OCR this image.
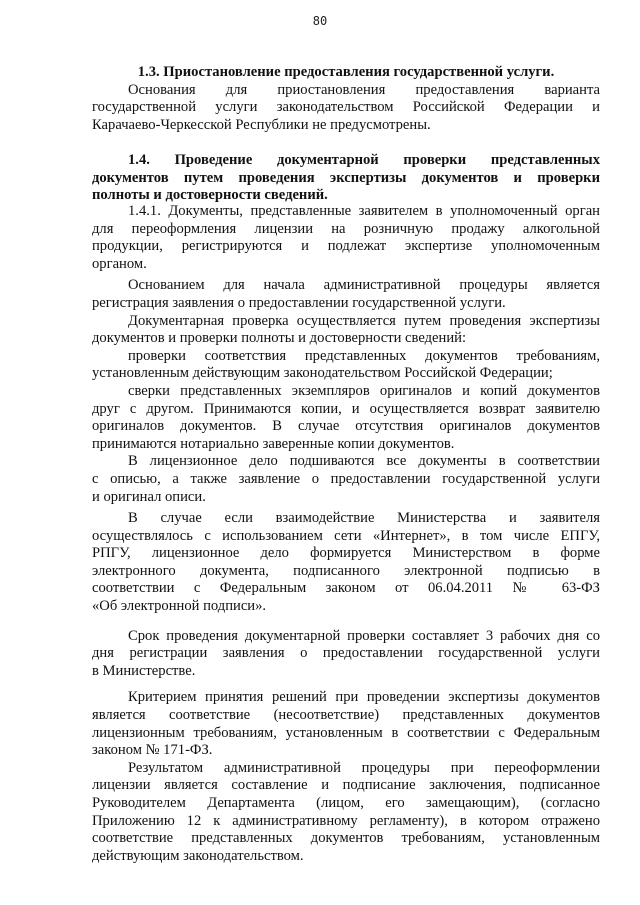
80
1.3. Приостановление предоставления государственной услуги.
Основания для приостановления предоставления варианта
государственной услуги законодательством Российской Федерации и
Карачаево-Черкесской Республики не предусмотрены.
1.4. Проведение документарной проверки представленных
документов путем проведения экспертизы документов и проверки
полноты и достоверности сведений.
1.4.1. Документы, представленные заявителем в уполномоченный орган
для переоформления лицензии на розничную продажу алкогольной
продукции, регистрируются и подлежат экспертизе уполномоченным
органом.
Основанием для начала административной процедуры является
регистрация заявления о предоставлении государственной услуги.
Документарная проверка осуществляется путем проведения экспертизы
документов и проверки полноты и достоверности сведений:
проверки соответствия представленных документов требованиям,
установленным действующим законодательством Российской Федерации;
сверки представленных экземпляров оригиналов и копий документов
друг с другом. Принимаются копии, и осуществляется возврат заявителю
оригиналов документов. В случае отсутствия оригиналов документов
принимаются нотариально заверенные копии документов.
В лицензионное дело подшиваются все документы в соответствии
с описью, а также заявление о предоставлении государственной услуги
и оригинал описи.
В случае если взаимодействие Министерства и заявителя
осуществлялось с использованием сети «Интернет», в том числе ЕПГУ,
РПГУ, лицензионное дело формируется Министерством в форме
электронного документа, подписанного электронной подписью в
соответствии с Федеральным законом от 06.04.2011 № 63-ФЗ
«Об электронной подписи».
Срок проведения документарной проверки составляет 3 рабочих дня со
дня регистрации заявления о предоставлении государственной услуги
в Министерстве.
Критерием принятия решений при проведении экспертизы документов
является соответствие (несоответствие) представленных документов
лицензионным требованиям, установленным в соответствии с Федеральным
законом № 171-ФЗ.
Результатом административной процедуры при переоформлении
лицензии является составление и подписание заключения, подписанное
Руководителем Департамента (лицом, его замещающим), (согласно
Приложению 12 к административному регламенту), в котором отражено
соответствие представленных документов требованиям, установленным
действующим законодательством.
